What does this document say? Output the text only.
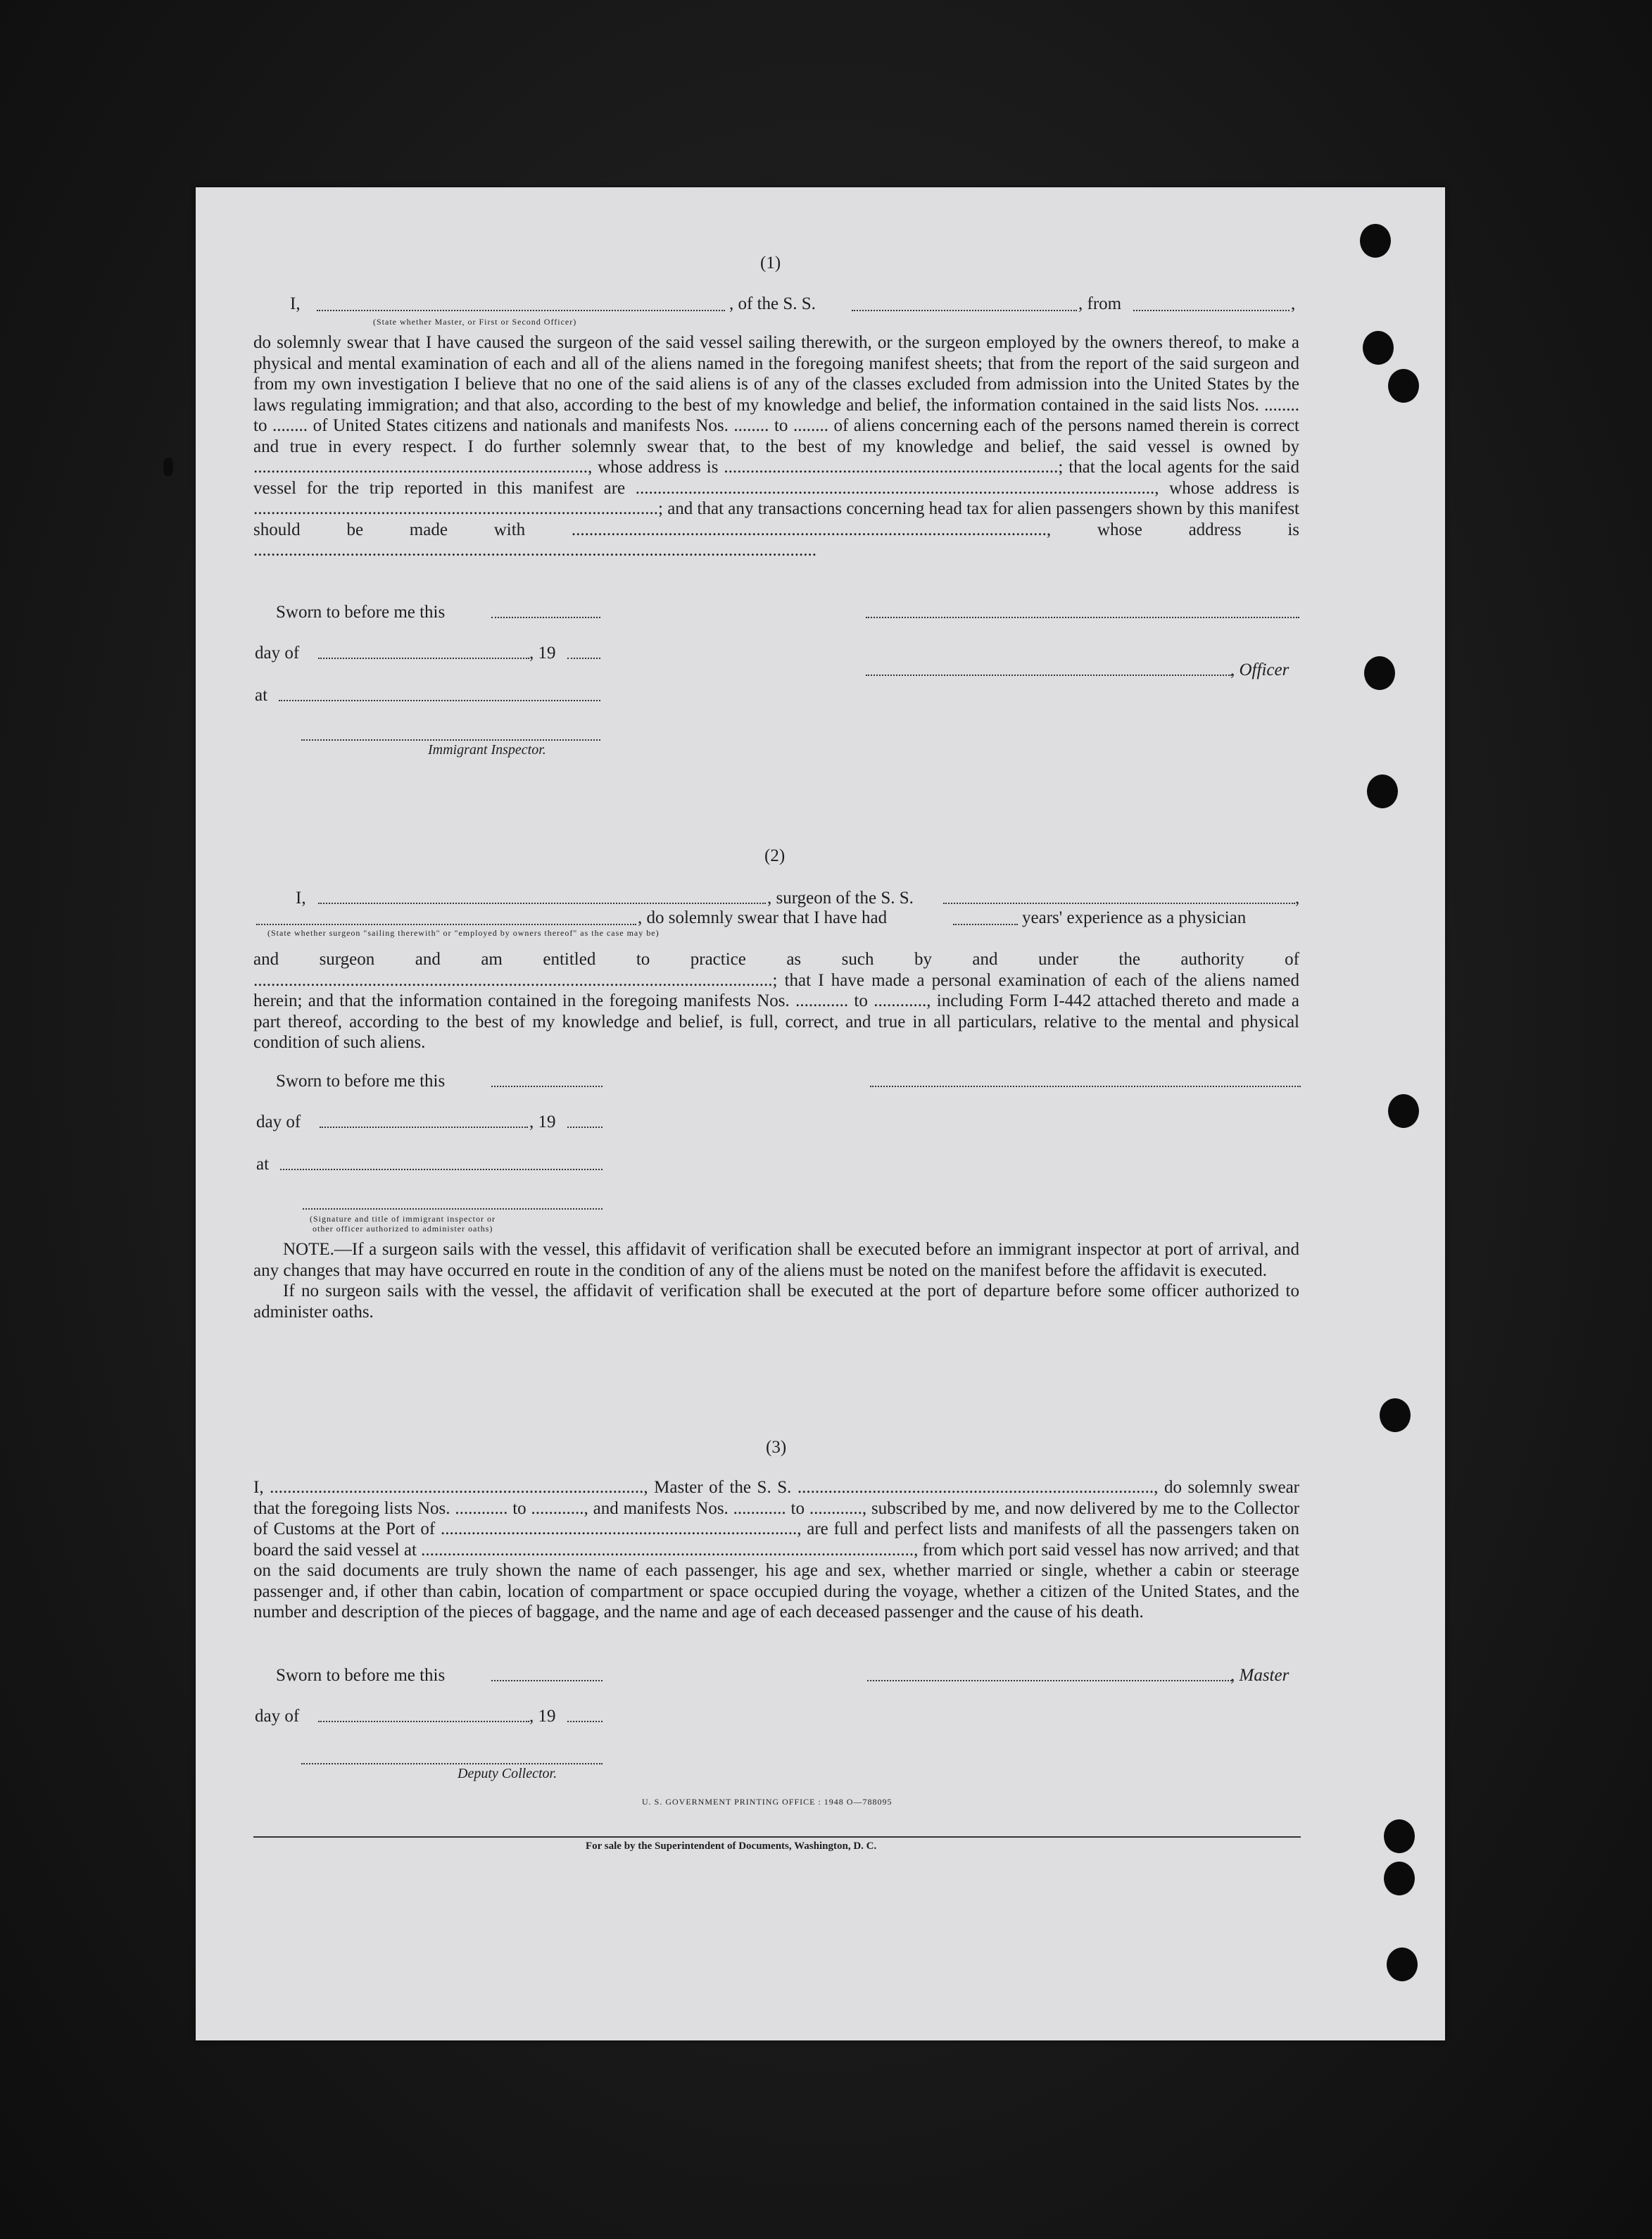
(1)
I,	, of the S. S.	, from	,
(State whether Master, or First or Second Officer)

do solemnly swear that I have caused the surgeon of the said vessel sailing therewith, or the surgeon employed by the owners thereof, to make a physical and mental examination of each and all of the aliens named in the foregoing manifest sheets; that from the report of the said surgeon and from my own investigation I believe that no one of the said aliens is of any of the classes excluded from admission into the United States by the laws regulating immigration; and that also, according to the best of my knowledge and belief, the information contained in the said lists Nos. ........ to ........ of United States citizens and nationals and manifests Nos. ........ to ........ of aliens concerning each of the persons named therein is correct and true in every respect. I do further solemnly swear that, to the best of my knowledge and belief, the said vessel is owned by ............................................................................, whose address is ............................................................................; that the local agents for the said vessel for the trip reported in this manifest are ......................................................................................................................, whose address is ............................................................................................; and that any transactions concerning head tax for alien passengers shown by this manifest should be made with ............................................................................................................, whose address is ................................................................................................................................

Sworn to before me this
day of	, 19
, Officer
at
Immigrant Inspector.
(2)
I,	, surgeon of the S. S.	,
, do solemnly swear that I have had	years' experience as a physician
(State whether surgeon "sailing therewith" or "employed by owners thereof" as the case may be)

and surgeon and am entitled to practice as such by and under the authority of ......................................................................................................................; that I have made a personal examination of each of the aliens named herein; and that the information contained in the foregoing manifests Nos. ............ to ............, including Form I-442 attached thereto and made a part thereof, according to the best of my knowledge and belief, is full, correct, and true in all particulars, relative to the mental and physical condition of such aliens.

Sworn to before me this
day of	, 19
at
(Signature and title of immigrant inspector or
other officer authorized to administer oaths)

NOTE.—If a surgeon sails with the vessel, this affidavit of verification shall be executed before an immigrant inspector at port of arrival, and any changes that may have occurred en route in the condition of any of the aliens must be noted on the manifest before the affidavit is executed.

If no surgeon sails with the vessel, the affidavit of verification shall be executed at the port of departure before some officer authorized to administer oaths.

(3)

I, ....................................................................................., Master of the S. S. ................................................................................., do solemnly swear that the foregoing lists Nos. ............ to ............, and manifests Nos. ............ to ............, subscribed by me, and now delivered by me to the Collector of Customs at the Port of ................................................................................., are full and perfect lists and manifests of all the passengers taken on board the said vessel at ................................................................................................................, from which port said vessel has now arrived; and that on the said documents are truly shown the name of each passenger, his age and sex, whether married or single, whether a cabin or steerage passenger and, if other than cabin, location of compartment or space occupied during the voyage, whether a citizen of the United States, and the number and description of the pieces of baggage, and the name and age of each deceased passenger and the cause of his death.

Sworn to before me this	, Master
day of	, 19
Deputy Collector.
U. S. GOVERNMENT PRINTING OFFICE : 1948 O—788095
For sale by the Superintendent of Documents, Washington, D. C.
